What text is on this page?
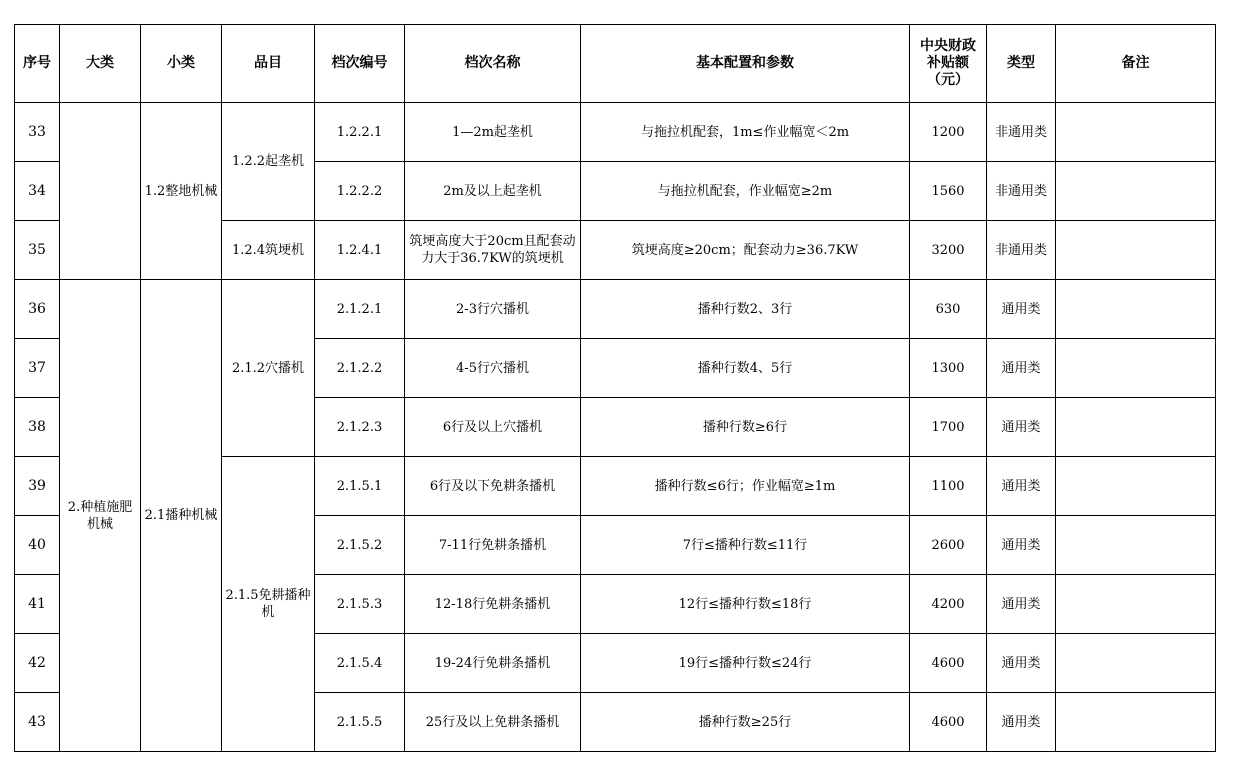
序号	大类	小类	品目	档次编号	档次名称	基本配置和参数	中央财政补贴额（元）	类型	备注
33		1.2整地机械	1.2.2起垄机	1.2.2.1	1—2m起垄机	与拖拉机配套，1m≤作业幅宽＜2m	1200	非通用类	
34				1.2.2.2	2m及以上起垄机	与拖拉机配套，作业幅宽≥2m	1560	非通用类	
35			1.2.4筑埂机	1.2.4.1	筑埂高度大于20cm且配套动力大于36.7KW的筑埂机	筑埂高度≥20cm；配套动力≥36.7KW	3200	非通用类	
36	2.种植施肥机械	2.1播种机械	2.1.2穴播机	2.1.2.1	2-3行穴播机	播种行数2、3行	630	通用类	
37				2.1.2.2	4-5行穴播机	播种行数4、5行	1300	通用类	
38				2.1.2.3	6行及以上穴播机	播种行数≥6行	1700	通用类	
39			2.1.5免耕播种机	2.1.5.1	6行及以下免耕条播机	播种行数≤6行；作业幅宽≥1m	1100	通用类	
40				2.1.5.2	7-11行免耕条播机	7行≤播种行数≤11行	2600	通用类	
41				2.1.5.3	12-18行免耕条播机	12行≤播种行数≤18行	4200	通用类	
42				2.1.5.4	19-24行免耕条播机	19行≤播种行数≤24行	4600	通用类	
43				2.1.5.5	25行及以上免耕条播机	播种行数≥25行	4600	通用类	
